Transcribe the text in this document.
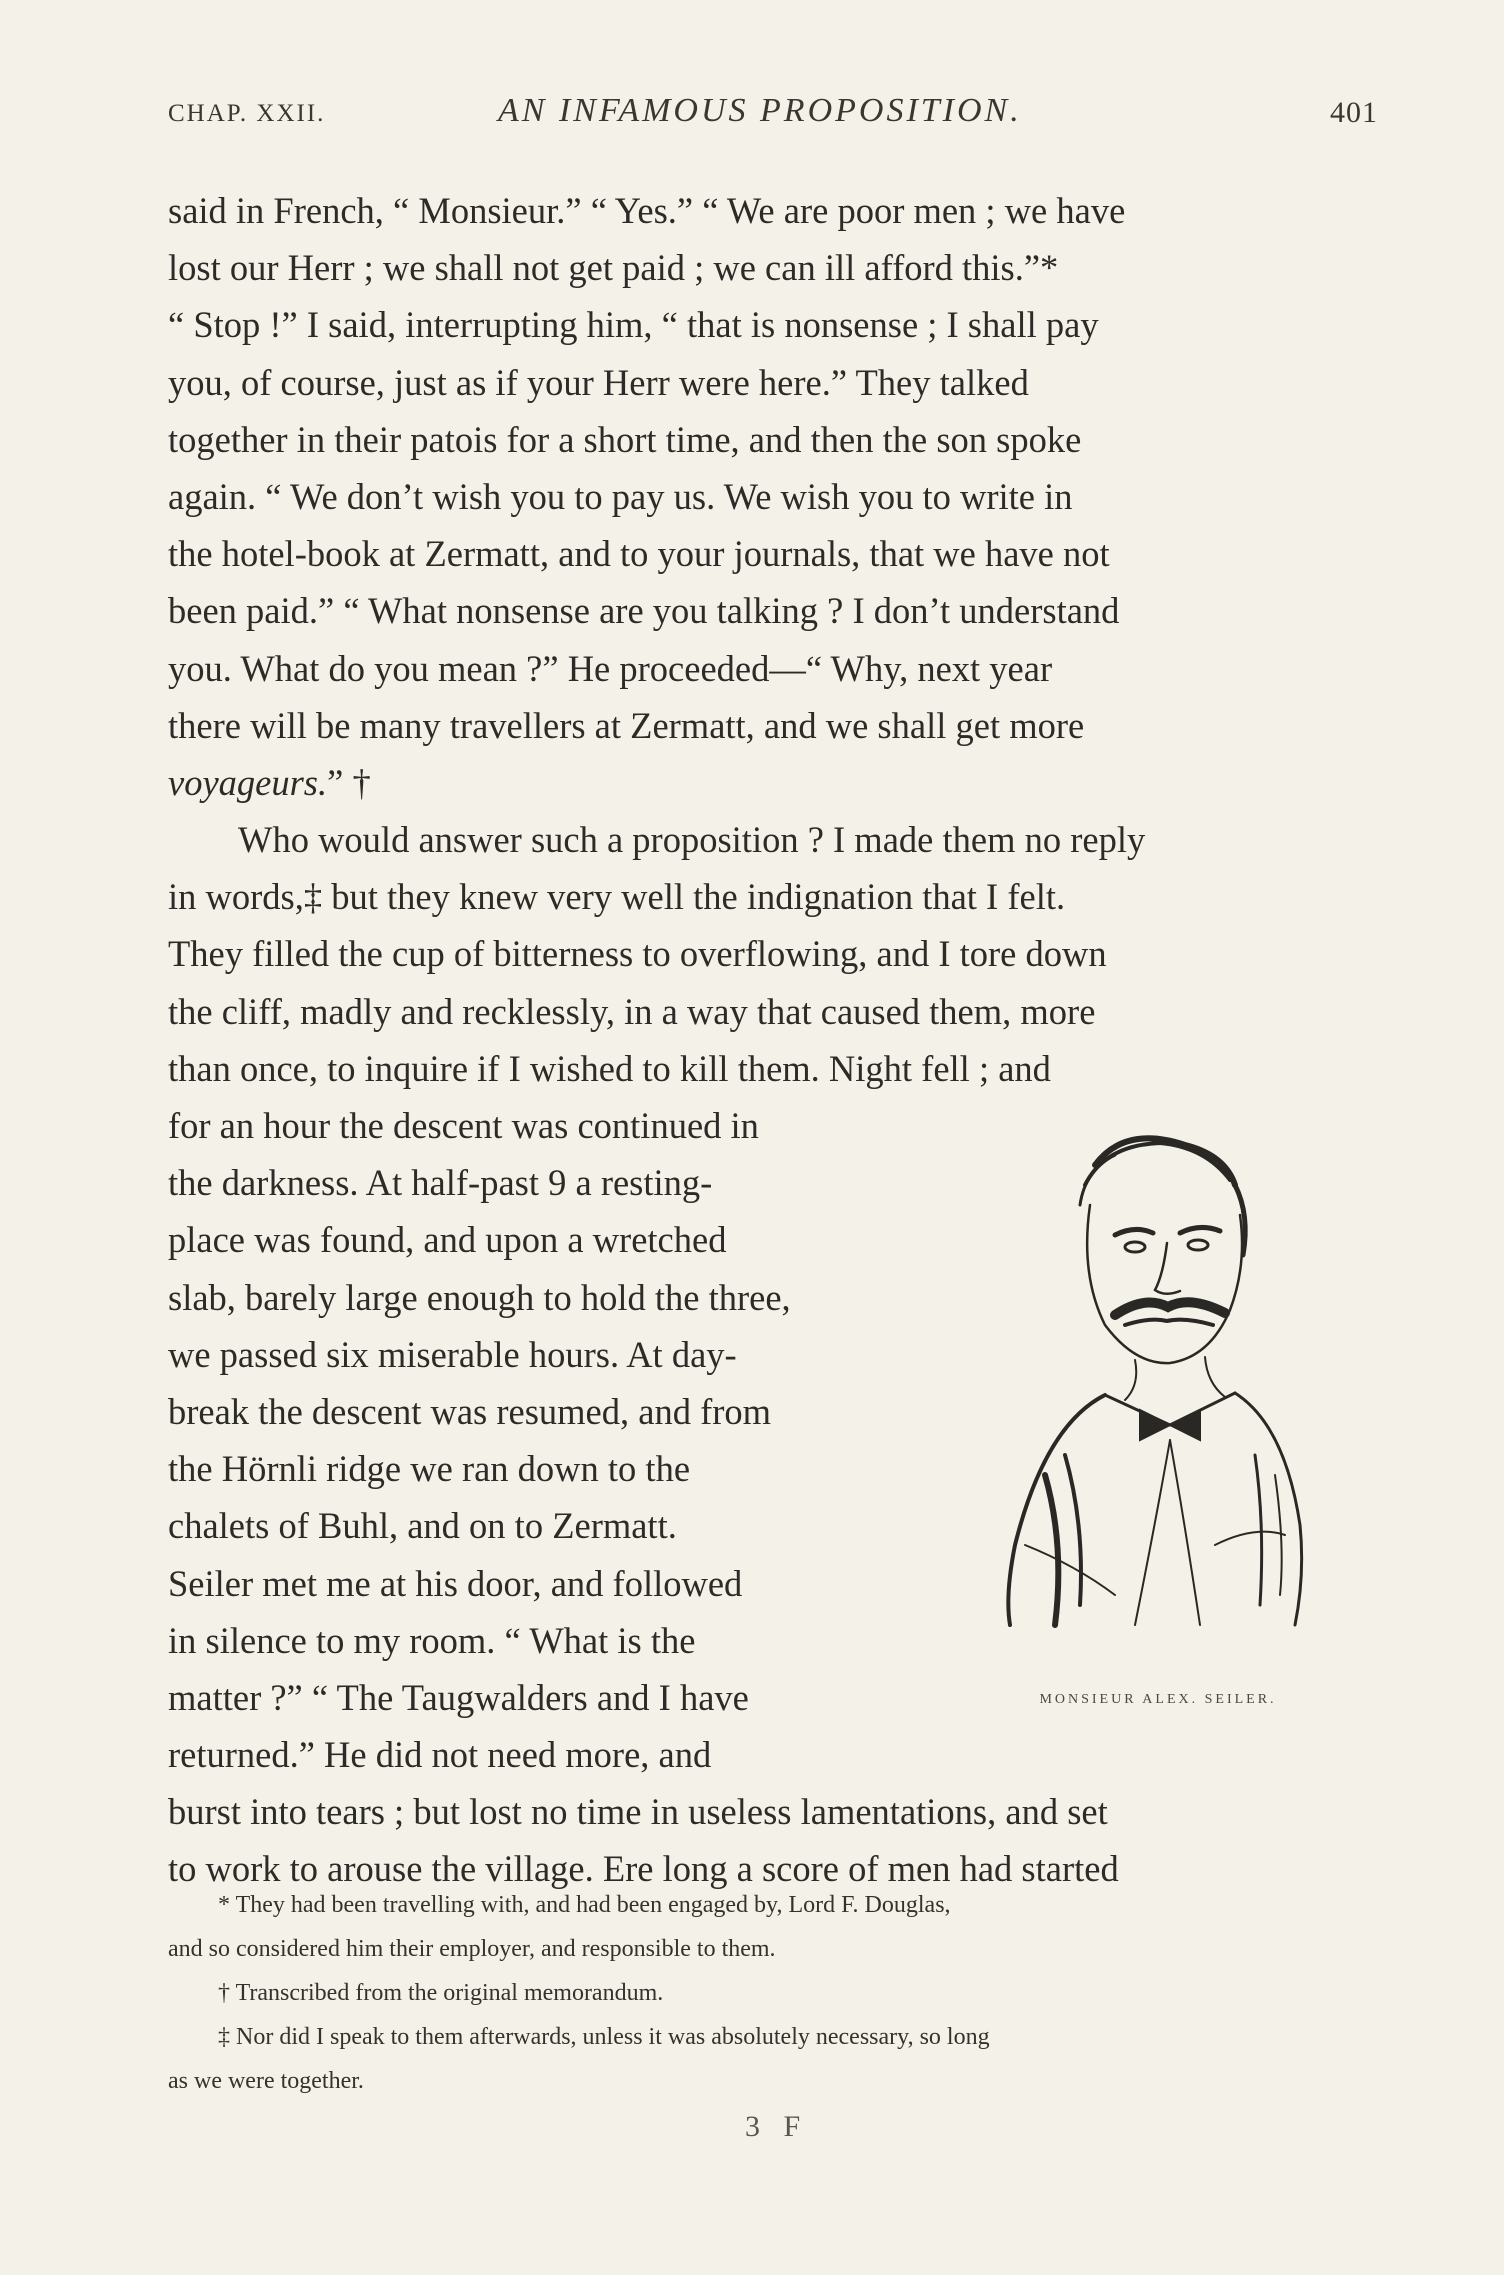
CHAP. XXII.	AN INFAMOUS PROPOSITION.	401
said in French, “ Monsieur.” “ Yes.” “ We are poor men ; we have
lost our Herr ; we shall not get paid ; we can ill afford this.”*
“ Stop !” I said, interrupting him, “ that is nonsense ; I shall pay
you, of course, just as if your Herr were here.” They talked
together in their patois for a short time, and then the son spoke
again. “ We don’t wish you to pay us. We wish you to write in
the hotel-book at Zermatt, and to your journals, that we have not
been paid.” “ What nonsense are you talking ? I don’t understand
you. What do you mean ?” He proceeded—“ Why, next year
there will be many travellers at Zermatt, and we shall get more
voyageurs. ” †
Who would answer such a proposition ? I made them no reply
in words,‡ but they knew very well the indignation that I felt.
They filled the cup of bitterness to overflowing, and I tore down
the cliff, madly and recklessly, in a way that caused them, more
than once, to inquire if I wished to kill them. Night fell ; and
for an hour the descent was continued in
the darkness. At half-past 9 a resting-
place was found, and upon a wretched
slab, barely large enough to hold the three,
we passed six miserable hours. At day-
break the descent was resumed, and from
the Hörnli ridge we ran down to the
chalets of Buhl, and on to Zermatt.
Seiler met me at his door, and followed
in silence to my room. “ What is the
matter ?” “ The Taugwalders and I have
returned.” He did not need more, and
burst into tears ; but lost no time in useless lamentations, and set
to work to arouse the village. Ere long a score of men had started
MONSIEUR ALEX. SEILER.
* They had been travelling with, and had been engaged by, Lord F. Douglas,
and so considered him their employer, and responsible to them.
† Transcribed from the original memorandum.
‡ Nor did I speak to them afterwards, unless it was absolutely necessary, so long
as we were together.
3 F
